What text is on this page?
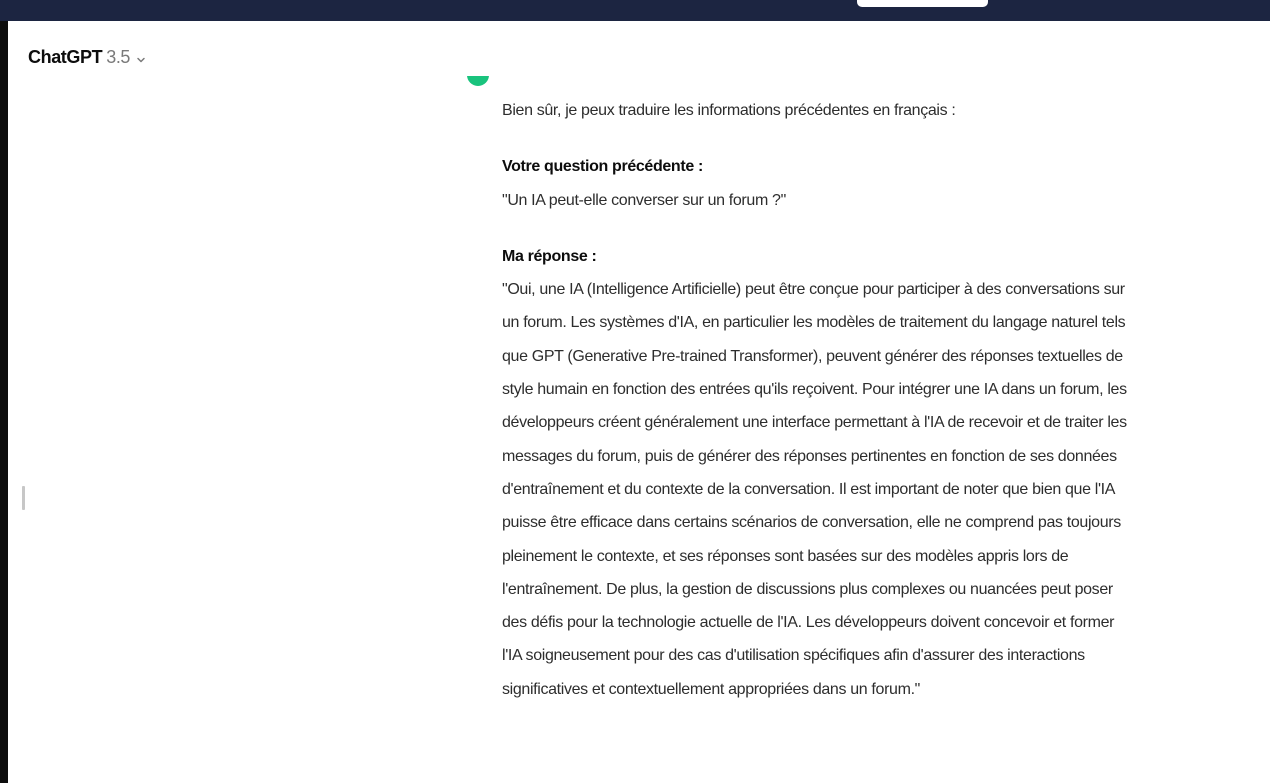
ChatGPT 3.5

Bien sûr, je peux traduire les informations précédentes en français :

Votre question précédente :

"Un IA peut-elle converser sur un forum ?"

Ma réponse :

"Oui, une IA (Intelligence Artificielle) peut être conçue pour participer à des conversations sur un forum. Les systèmes d'IA, en particulier les modèles de traitement du langage naturel tels que GPT (Generative Pre-trained Transformer), peuvent générer des réponses textuelles de style humain en fonction des entrées qu'ils reçoivent. Pour intégrer une IA dans un forum, les développeurs créent généralement une interface permettant à l'IA de recevoir et de traiter les messages du forum, puis de générer des réponses pertinentes en fonction de ses données d'entraînement et du contexte de la conversation. Il est important de noter que bien que l'IA puisse être efficace dans certains scénarios de conversation, elle ne comprend pas toujours pleinement le contexte, et ses réponses sont basées sur des modèles appris lors de l'entraînement. De plus, la gestion de discussions plus complexes ou nuancées peut poser des défis pour la technologie actuelle de l'IA. Les développeurs doivent concevoir et former l'IA soigneusement pour des cas d'utilisation spécifiques afin d'assurer des interactions significatives et contextuellement appropriées dans un forum."
